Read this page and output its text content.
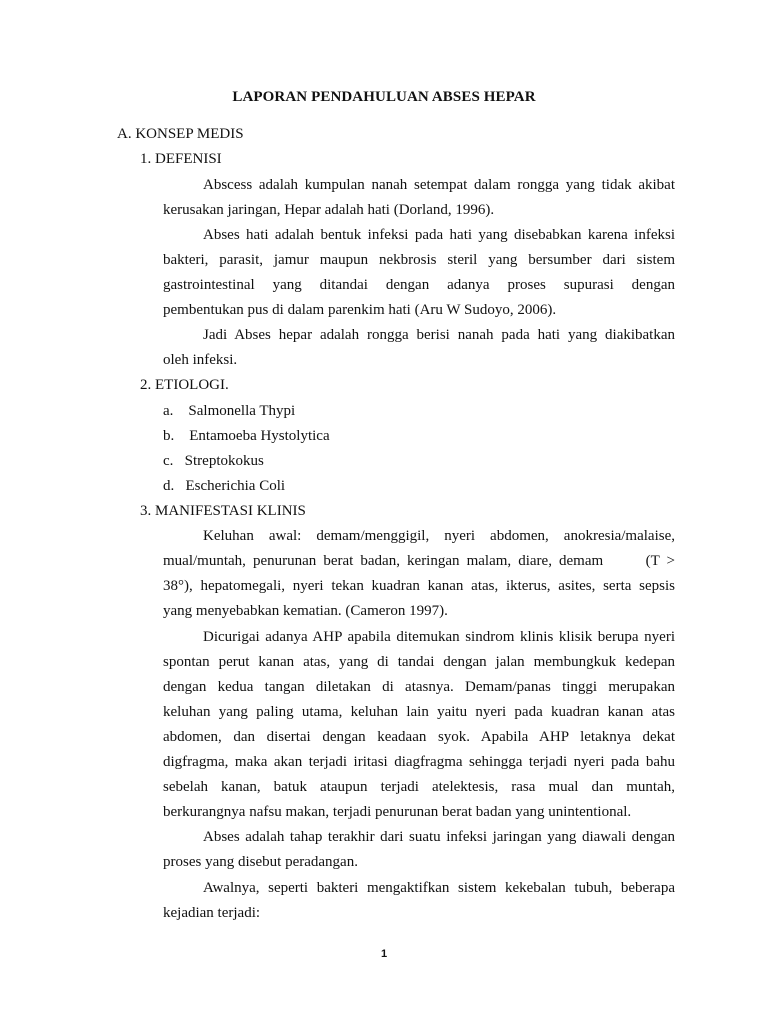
LAPORAN PENDAHULUAN ABSES HEPAR
A. KONSEP MEDIS
1. DEFENISI
Abscess adalah kumpulan nanah setempat dalam rongga yang tidak akibat
kerusakan jaringan, Hepar adalah hati (Dorland, 1996).
Abses hati adalah bentuk infeksi pada hati yang disebabkan karena infeksi
bakteri, parasit, jamur maupun nekbrosis steril yang bersumber dari sistem
gastrointestinal yang ditandai dengan adanya proses supurasi dengan
pembentukan pus di dalam parenkim hati (Aru W Sudoyo, 2006).
Jadi Abses hepar adalah rongga berisi nanah pada hati yang diakibatkan
oleh infeksi.
2. ETIOLOGI.
a.    Salmonella Thypi
b.    Entamoeba Hystolytica
c.   Streptokokus
d.   Escherichia Coli
3. MANIFESTASI KLINIS
Keluhan awal: demam/menggigil, nyeri abdomen, anokresia/malaise,
mual/muntah, penurunan berat badan, keringan malam, diare, demam      (T >
38°), hepatomegali, nyeri tekan kuadran kanan atas, ikterus, asites, serta sepsis
yang menyebabkan kematian. (Cameron 1997).
Dicurigai adanya AHP apabila ditemukan sindrom klinis klisik berupa nyeri
spontan perut kanan atas, yang di tandai dengan jalan membungkuk kedepan
dengan kedua tangan diletakan di atasnya. Demam/panas tinggi merupakan
keluhan yang paling utama, keluhan lain yaitu nyeri pada kuadran kanan atas
abdomen, dan disertai dengan keadaan syok. Apabila AHP letaknya dekat
digfragma, maka akan terjadi iritasi diagfragma sehingga terjadi nyeri pada bahu
sebelah kanan, batuk ataupun terjadi atelektesis, rasa mual dan muntah,
berkurangnya nafsu makan, terjadi penurunan berat badan yang unintentional.
Abses adalah tahap terakhir dari suatu infeksi jaringan yang diawali dengan
proses yang disebut peradangan.
Awalnya, seperti bakteri mengaktifkan sistem kekebalan tubuh, beberapa
kejadian terjadi:
1
